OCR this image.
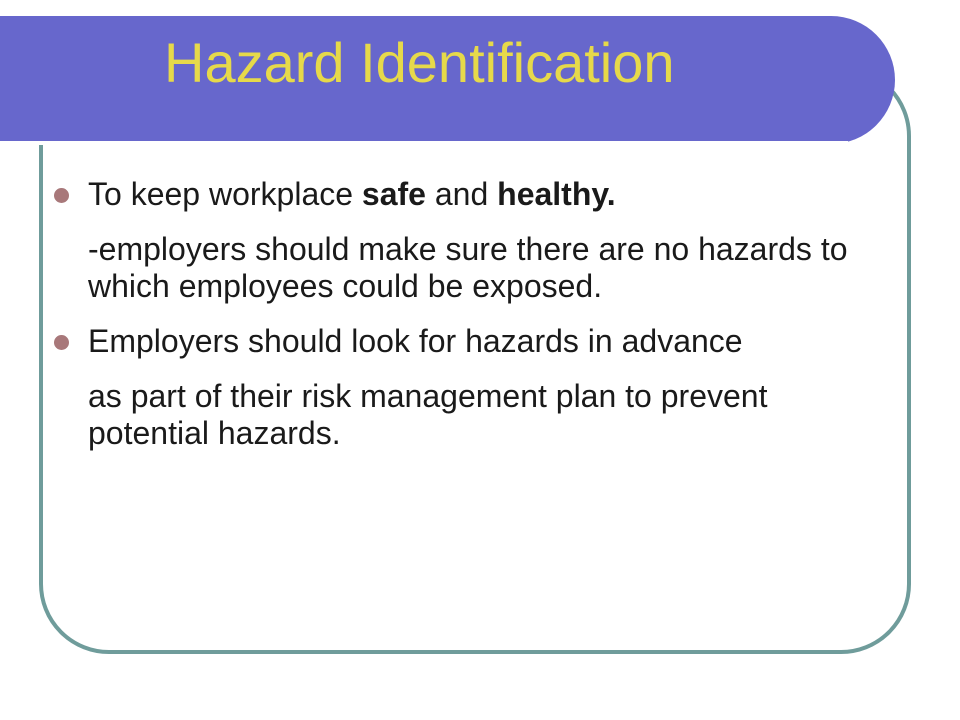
Hazard Identification

To keep workplace safe and healthy.

-employers should make sure there are no hazards to which employees could be exposed.

Employers should look for hazards in advance

as part of their risk management plan to prevent potential hazards.
